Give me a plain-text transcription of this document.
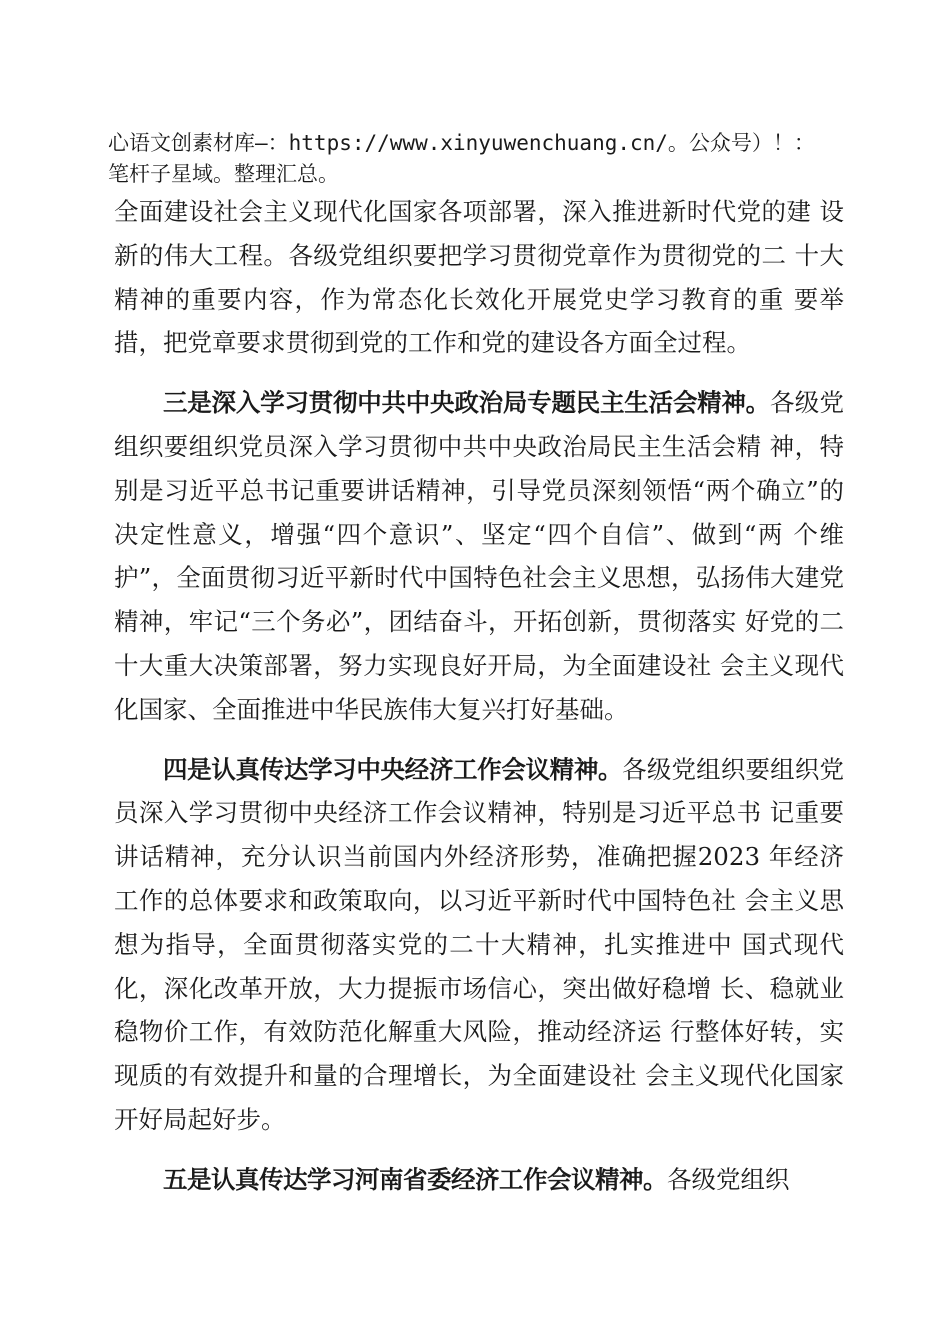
心语文创素材库—：https://www.xinyuwenchuang.cn/。公众号）！：笔杆子星域。整理汇总。

全面建设社会主义现代化国家各项部署，深入推进新时代党的建 设新的伟大工程。各级党组织要把学习贯彻党章作为贯彻党的二 十大精神的重要内容，作为常态化长效化开展党史学习教育的重 要举措，把党章要求贯彻到党的工作和党的建设各方面全过程。

三是深入学习贯彻中共中央政治局专题民主生活会精神。各级党组织要组织党员深入学习贯彻中共中央政治局民主生活会精 神，特别是习近平总书记重要讲话精神，引导党员深刻领悟“两个确立”的决定性意义，增强“四个意识”、坚定“四个自信”、做到“两 个维护”，全面贯彻习近平新时代中国特色社会主义思想，弘扬伟大建党精神，牢记“三个务必”，团结奋斗，开拓创新，贯彻落实 好党的二十大重大决策部署，努力实现良好开局，为全面建设社 会主义现代化国家、全面推进中华民族伟大复兴打好基础。

四是认真传达学习中央经济工作会议精神。各级党组织要组织党员深入学习贯彻中央经济工作会议精神，特别是习近平总书 记重要讲话精神，充分认识当前国内外经济形势，准确把握2023 年经济工作的总体要求和政策取向，以习近平新时代中国特色社 会主义思想为指导，全面贯彻落实党的二十大精神，扎实推进中 国式现代化，深化改革开放，大力提振市场信心，突出做好稳增 长、稳就业稳物价工作，有效防范化解重大风险，推动经济运 行整体好转，实现质的有效提升和量的合理增长，为全面建设社 会主义现代化国家开好局起好步。

五是认真传达学习河南省委经济工作会议精神。各级党组织
